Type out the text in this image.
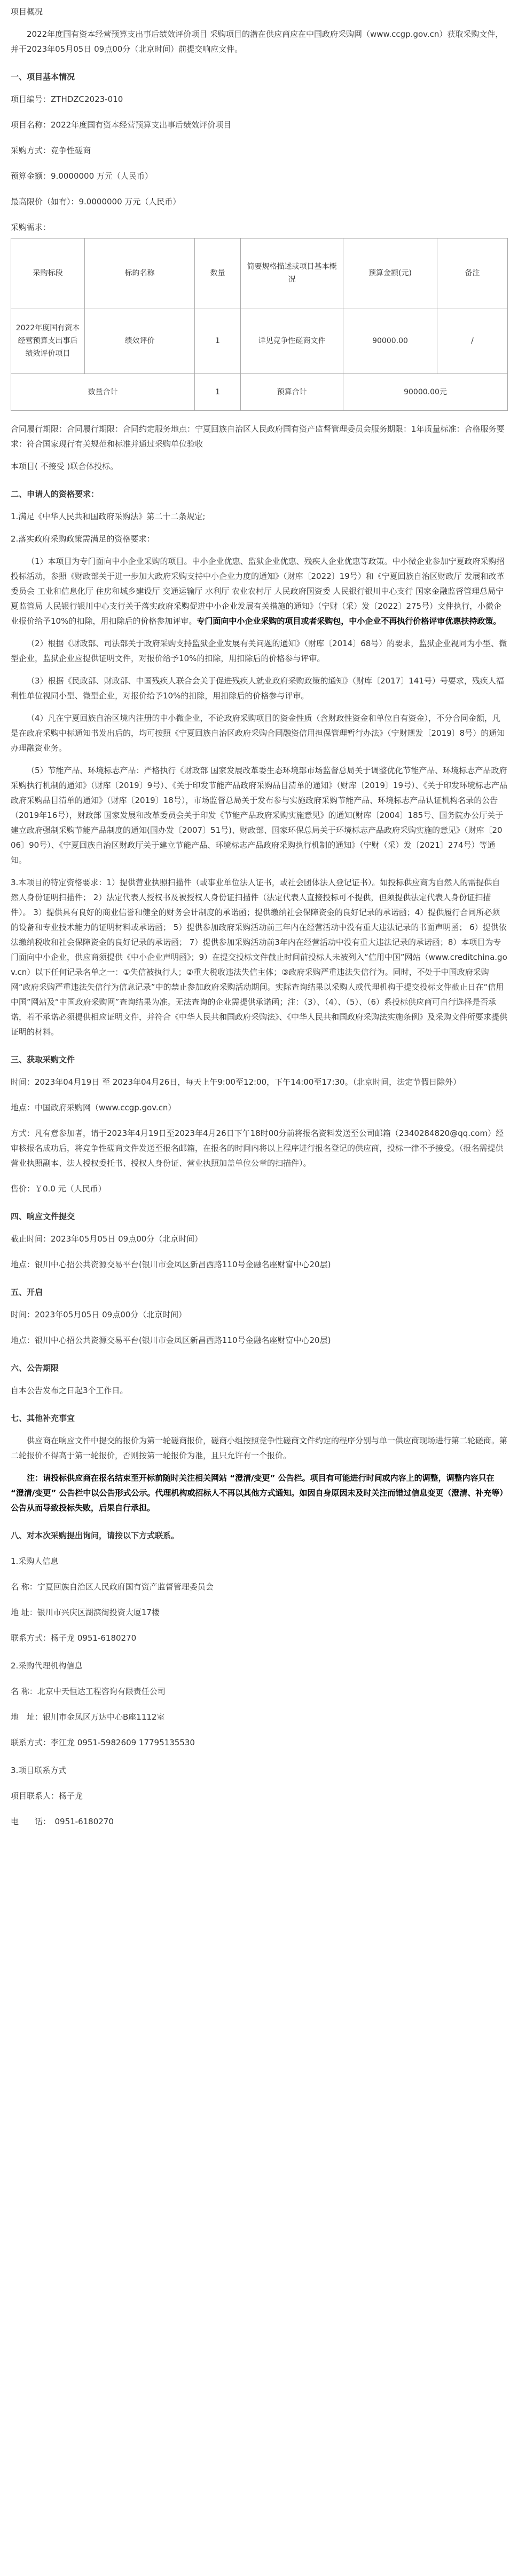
项目概况

2022年度国有资本经营预算支出事后绩效评价项目 采购项目的潜在供应商应在中国政府采购网（www.ccgp.gov.cn）获取采购文件，并于2023年05月05日 09点00分（北京时间）前提交响应文件。

一、项目基本情况

项目编号：ZTHDZC2023-010

项目名称：2022年度国有资本经营预算支出事后绩效评价项目

采购方式：竞争性磋商

预算金额：9.0000000 万元（人民币）

最高限价（如有）：9.0000000 万元（人民币）

采购需求：

采购标段	标的名称	数量	简要规格描述或项目基本概况	预算金额(元)	备注
2022年度国有资本经营预算支出事后绩效评价项目	绩效评价	1	详见竞争性磋商文件	90000.00	/
数量合计		1	预算合计	90000.00元	

合同履行期限：合同履行期限：合同约定服务地点：宁夏回族自治区人民政府国有资产监督管理委员会服务期限：1年质量标准：合格服务要求：符合国家现行有关规范和标准并通过采购单位验收

本项目( 不接受 )联合体投标。

二、申请人的资格要求：

1.满足《中华人民共和国政府采购法》第二十二条规定;

2.落实政府采购政策需满足的资格要求：

（1）本项目为专门面向中小企业采购的项目。中小企业优惠、监狱企业优惠、残疾人企业优惠等政策。中小微企业参加宁夏政府采购招投标活动，参照《财政部关于进一步加大政府采购支持中小企业力度的通知》（财库〔2022〕19号）和《宁夏回族自治区财政厅 发展和改革委员会 工业和信息化厅 住房和城乡建设厅 交通运输厅 水利厅 农业农村厅 人民政府国资委 人民银行银川中心支行 国家金融监督管理总局宁夏监管局 人民银行银川中心支行关于落实政府采购促进中小企业发展有关措施的通知》（宁财（采）发〔2022〕275号）文件执行，小微企业报价给予10%的扣除，用扣除后的价格参加评审。专门面向中小企业采购的项目或者采购包，中小企业不再执行价格评审优惠扶持政策。

（2）根据《财政部、司法部关于政府采购支持监狱企业发展有关问题的通知》（财库〔2014〕68号）的要求，监狱企业视同为小型、微型企业，监狱企业应提供证明文件，对报价给予10%的扣除，用扣除后的价格参与评审。

（3）根据《民政部、财政部、中国残疾人联合会关于促进残疾人就业政府采购政策的通知》（财库〔2017〕141号）号要求，残疾人福利性单位视同小型、微型企业，对报价给予10%的扣除，用扣除后的价格参与评审。

（4）凡在宁夏回族自治区境内注册的中小微企业，不论政府采购项目的资金性质（含财政性资金和单位自有资金），不分合同金额，凡是在政府采购中标通知书发出后的，均可按照《宁夏回族自治区政府采购合同融资信用担保管理暂行办法》（宁财规发〔2019〕8号）的通知办理融资业务。

（5）节能产品、环境标志产品：严格执行《财政部 国家发展改革委生态环境部市场监督总局关于调整优化节能产品、环境标志产品政府采购执行机制的通知》（财库〔2019〕9号）、《关于印发节能产品政府采购品目清单的通知》（财库〔2019〕19号）、《关于印发环境标志产品政府采购品目清单的通知》（财库〔2019〕18号），市场监督总局关于发布参与实施政府采购节能产品、环境标志产品认证机构名录的公告（2019年16号），财政部 国家发展和改革委员会关于印发《节能产品政府采购实施意见》的通知(财库〔2004〕185号、国务院办公厅关于建立政府强制采购节能产品制度的通知(国办发〔2007〕51号)、财政部、国家环保总局关于环境标志产品政府采购实施的意见》（财库〔2006〕90号）、《宁夏回族自治区财政厅关于建立节能产品、环境标志产品政府采购执行机制的通知》（宁财（采）发〔2021〕274号）等通知。

3.本项目的特定资格要求：1）提供营业执照扫描件（或事业单位法人证书，或社会团体法人登记证书）。如投标供应商为自然人的需提供自然人身份证明扫描件； 2）法定代表人授权书及被授权人身份证扫描件（法定代表人直接投标可不提供，但须提供法定代表人身份证扫描件）。 3）提供具有良好的商业信誉和健全的财务会计制度的承诺函；提供缴纳社会保障资金的良好记录的承诺函；4）提供履行合同所必须的设备和专业技术能力的证明材料或承诺函； 5）提供参加政府采购活动前三年内在经营活动中没有重大违法记录的书面声明函； 6）提供依法缴纳税收和社会保障资金的良好记录的承诺函； 7）提供参加采购活动前3年内在经营活动中没有重大违法记录的承诺函；8）本项目为专门面向中小企业，供应商须提供《中小企业声明函》；9）在提交投标文件截止时间前投标人未被列入“信用中国”网站（www.creditchina.gov.cn）以下任何记录名单之一：①失信被执行人；②重大税收违法失信主体；③政府采购严重违法失信行为。同时，不处于中国政府采购网“政府采购严重违法失信行为信息记录”中的禁止参加政府采购活动期间。实际查询结果以采购人或代理机构于提交投标文件截止日在“信用中国”网站及“中国政府采购网”查询结果为准。无法查询的企业需提供承诺函；注：（3）、（4）、（5）、（6）系投标供应商可自行选择是否承诺，若不承诺必须提供相应证明文件，并符合《中华人民共和国政府采购法》、《中华人民共和国政府采购法实施条例》及采购文件所要求提供证明的材料。

三、获取采购文件

时间：2023年04月19日 至 2023年04月26日，每天上午9:00至12:00，下午14:00至17:30。（北京时间，法定节假日除外）

地点：中国政府采购网（www.ccgp.gov.cn）

方式：凡有意参加者，请于2023年4月19日至2023年4月26日下午18时00分前将报名资料发送至公司邮箱（2340284820@qq.com）经审核报名成功后，将竞争性磋商文件发送至报名邮箱，在报名的时间内将以上程序进行报名登记的供应商，投标一律不予接受。（报名需提供营业执照副本、法人授权委托书、授权人身份证、营业执照加盖单位公章的扫描件）。

售价：￥0.0 元（人民币）

四、响应文件提交

截止时间：2023年05月05日 09点00分（北京时间）

地点：银川中心招公共资源交易平台(银川市金凤区新昌西路110号金融名座财富中心20层)

五、开启

时间：2023年05月05日 09点00分（北京时间）

地点：银川中心招公共资源交易平台(银川市金凤区新昌西路110号金融名座财富中心20层)

六、公告期限

自本公告发布之日起3个工作日。

七、其他补充事宜

供应商在响应文件中提交的报价为第一轮磋商报价，磋商小组按照竞争性磋商文件约定的程序分别与单一供应商现场进行第二轮磋商。第二轮报价不得高于第一轮报价，否则按第一轮报价为准，且只允许有一个报价。

注：请投标供应商在报名结束至开标前随时关注相关网站 “澄清/变更” 公告栏。项目有可能进行时间或内容上的调整，调整内容只在 “澄清/变更” 公告栏中以公告形式公示。代理机构或招标人不再以其他方式通知。如因自身原因未及时关注而错过信息变更（澄清、补充等）公告从而导致投标失败，后果自行承担。

八、对本次采购提出询问，请按以下方式联系。

1.采购人信息

名 称：宁夏回族自治区人民政府国有资产监督管理委员会

地 址：银川市兴庆区湖滨街投资大厦17楼

联系方式：杨子龙 0951-6180270

2.采购代理机构信息

名 称：北京中天恒达工程咨询有限责任公司

地　址：银川市金凤区万达中心B座1112室

联系方式：李江龙 0951-5982609 17795135530

3.项目联系方式

项目联系人：杨子龙

电　　话：　0951-6180270
